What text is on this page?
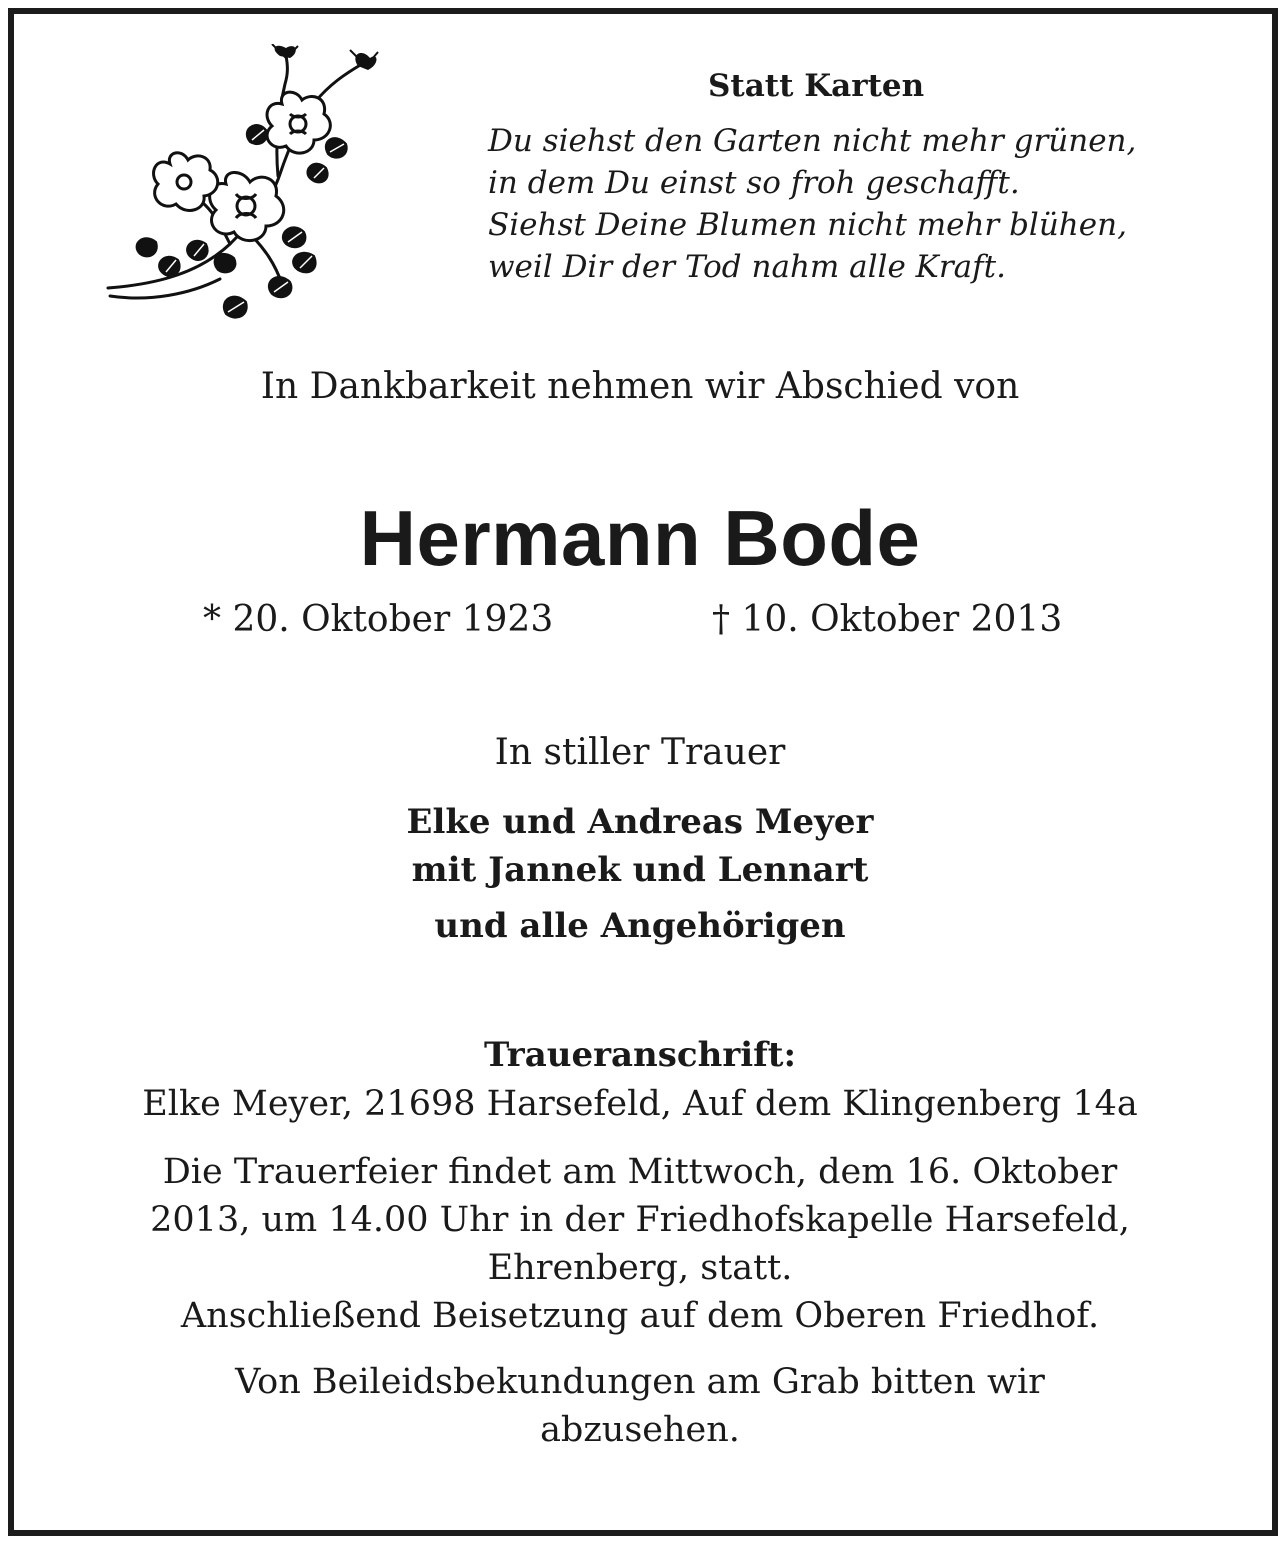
Statt Karten
Du siehst den Garten nicht mehr grünen,
in dem Du einst so froh geschafft.
Siehst Deine Blumen nicht mehr blühen,
weil Dir der Tod nahm alle Kraft.
In Dankbarkeit nehmen wir Abschied von
Hermann Bode
* 20. Oktober 1923	† 10. Oktober 2013
In stiller Trauer
Elke und Andreas Meyer
mit Jannek und Lennart
und alle Angehörigen
Traueranschrift:
Elke Meyer, 21698 Harsefeld, Auf dem Klingenberg 14a
Die Trauerfeier findet am Mittwoch, dem 16. Oktober
2013, um 14.00 Uhr in der Friedhofskapelle Harsefeld,
Ehrenberg, statt.
Anschließend Beisetzung auf dem Oberen Friedhof.
Von Beileidsbekundungen am Grab bitten wir
abzusehen.
